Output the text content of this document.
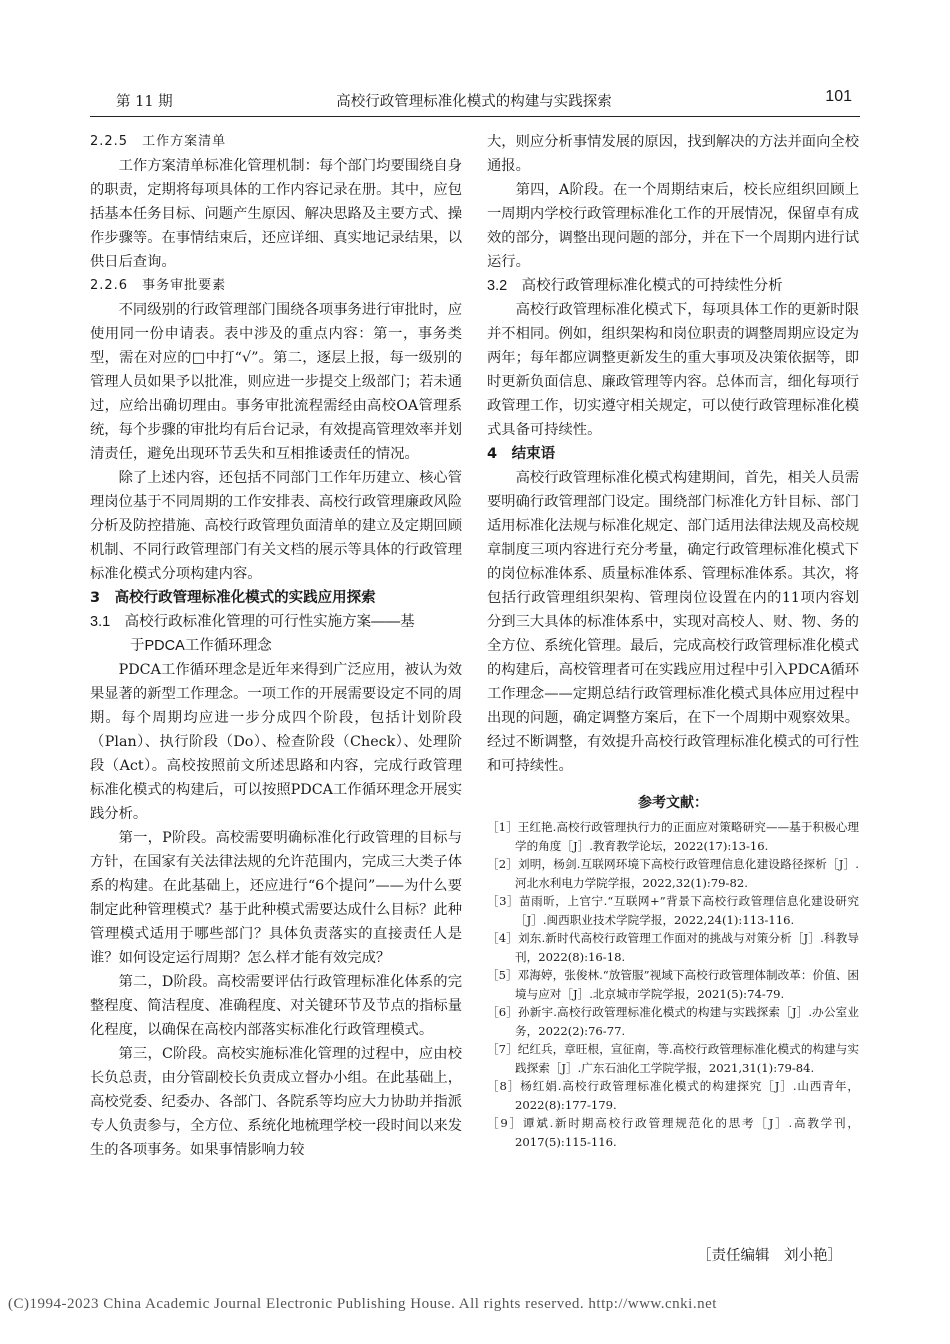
第 11 期	高校行政管理标准化模式的构建与实践探索	101
2.2.5　工作方案清单
工作方案清单标准化管理机制：每个部门均要围绕自身的职责，定期将每项具体的工作内容记录在册。其中，应包括基本任务目标、问题产生原因、解决思路及主要方式、操作步骤等。在事情结束后，还应详细、真实地记录结果，以供日后查询。
2.2.6　事务审批要素
不同级别的行政管理部门围绕各项事务进行审批时，应使用同一份申请表。表中涉及的重点内容：第一，事务类型，需在对应的□中打“√”。第二，逐层上报，每一级别的管理人员如果予以批准，则应进一步提交上级部门；若未通过，应给出确切理由。事务审批流程需经由高校OA管理系统，每个步骤的审批均有后台记录，有效提高管理效率并划清责任，避免出现环节丢失和互相推诿责任的情况。
除了上述内容，还包括不同部门工作年历建立、核心管理岗位基于不同周期的工作安排表、高校行政管理廉政风险分析及防控措施、高校行政管理负面清单的建立及定期回顾机制、不同行政管理部门有关文档的展示等具体的行政管理标准化模式分项构建内容。
3　高校行政管理标准化模式的实践应用探索
3.1　高校行政标准化管理的可行性实施方案——基
于PDCA工作循环理念
PDCA工作循环理念是近年来得到广泛应用，被认为效果显著的新型工作理念。一项工作的开展需要设定不同的周期。每个周期均应进一步分成四个阶段，包括计划阶段（Plan）、执行阶段（Do）、检查阶段（Check）、处理阶段（Act）。高校按照前文所述思路和内容，完成行政管理标准化模式的构建后，可以按照PDCA工作循环理念开展实践分析。
第一，P阶段。高校需要明确标准化行政管理的目标与方针，在国家有关法律法规的允许范围内，完成三大类子体系的构建。在此基础上，还应进行“6个提问”——为什么要制定此种管理模式？基于此种模式需要达成什么目标？此种管理模式适用于哪些部门？具体负责落实的直接责任人是谁？如何设定运行周期？怎么样才能有效完成？
第二，D阶段。高校需要评估行政管理标准化体系的完整程度、简洁程度、准确程度、对关键环节及节点的指标量化程度，以确保在高校内部落实标准化行政管理模式。
第三，C阶段。高校实施标准化管理的过程中，应由校长负总责，由分管副校长负责成立督办小组。在此基础上，高校党委、纪委办、各部门、各院系等均应大力协助并指派专人负责参与，全方位、系统化地梳理学校一段时间以来发生的各项事务。如果事情影响力较
大，则应分析事情发展的原因，找到解决的方法并面向全校通报。
第四，A阶段。在一个周期结束后，校长应组织回顾上一周期内学校行政管理标准化工作的开展情况，保留卓有成效的部分，调整出现问题的部分，并在下一个周期内进行试运行。
3.2　高校行政管理标准化模式的可持续性分析
高校行政管理标准化模式下，每项具体工作的更新时限并不相同。例如，组织架构和岗位职责的调整周期应设定为两年；每年都应调整更新发生的重大事项及决策依据等，即时更新负面信息、廉政管理等内容。总体而言，细化每项行政管理工作，切实遵守相关规定，可以使行政管理标准化模式具备可持续性。
4　结束语
高校行政管理标准化模式构建期间，首先，相关人员需要明确行政管理部门设定。围绕部门标准化方针目标、部门适用标准化法规与标准化规定、部门适用法律法规及高校规章制度三项内容进行充分考量，确定行政管理标准化模式下的岗位标准体系、质量标准体系、管理标准体系。其次，将包括行政管理组织架构、管理岗位设置在内的11项内容划分到三大具体的标准体系中，实现对高校人、财、物、务的全方位、系统化管理。最后，完成高校行政管理标准化模式的构建后，高校管理者可在实践应用过程中引入PDCA循环工作理念——定期总结行政管理标准化模式具体应用过程中出现的问题，确定调整方案后，在下一个周期中观察效果。经过不断调整，有效提升高校行政管理标准化模式的可行性和可持续性。
参考文献：
［1］王红艳.高校行政管理执行力的正面应对策略研究——基于积极心理学的角度［J］.教育教学论坛，2022(17):13-16.
［2］刘明，杨剑.互联网环境下高校行政管理信息化建设路径探析［J］.河北水利电力学院学报，2022,32(1):79-82.
［3］苗雨昕，上官宁.“互联网+”背景下高校行政管理信息化建设研究［J］.闽西职业技术学院学报，2022,24(1):113-116.
［4］刘东.新时代高校行政管理工作面对的挑战与对策分析［J］.科教导刊，2022(8):16-18.
［5］邓海婷，张俊林.“放管服”视域下高校行政管理体制改革：价值、困境与应对［J］.北京城市学院学报，2021(5):74-79.
［6］孙新宇.高校行政管理标准化模式的构建与实践探索［J］.办公室业务，2022(2):76-77.
［7］纪红兵，章旺根，宣征南，等.高校行政管理标准化模式的构建与实践探索［J］.广东石油化工学院学报，2021,31(1):79-84.
［8］杨红娟.高校行政管理标准化模式的构建探究［J］.山西青年，2022(8):177-179.
［9］谭斌.新时期高校行政管理规范化的思考［J］.高教学刊，2017(5):115-116.
［责任编辑　刘小艳］
(C)1994-2023 China Academic Journal Electronic Publishing House. All rights reserved. http://www.cnki.net
